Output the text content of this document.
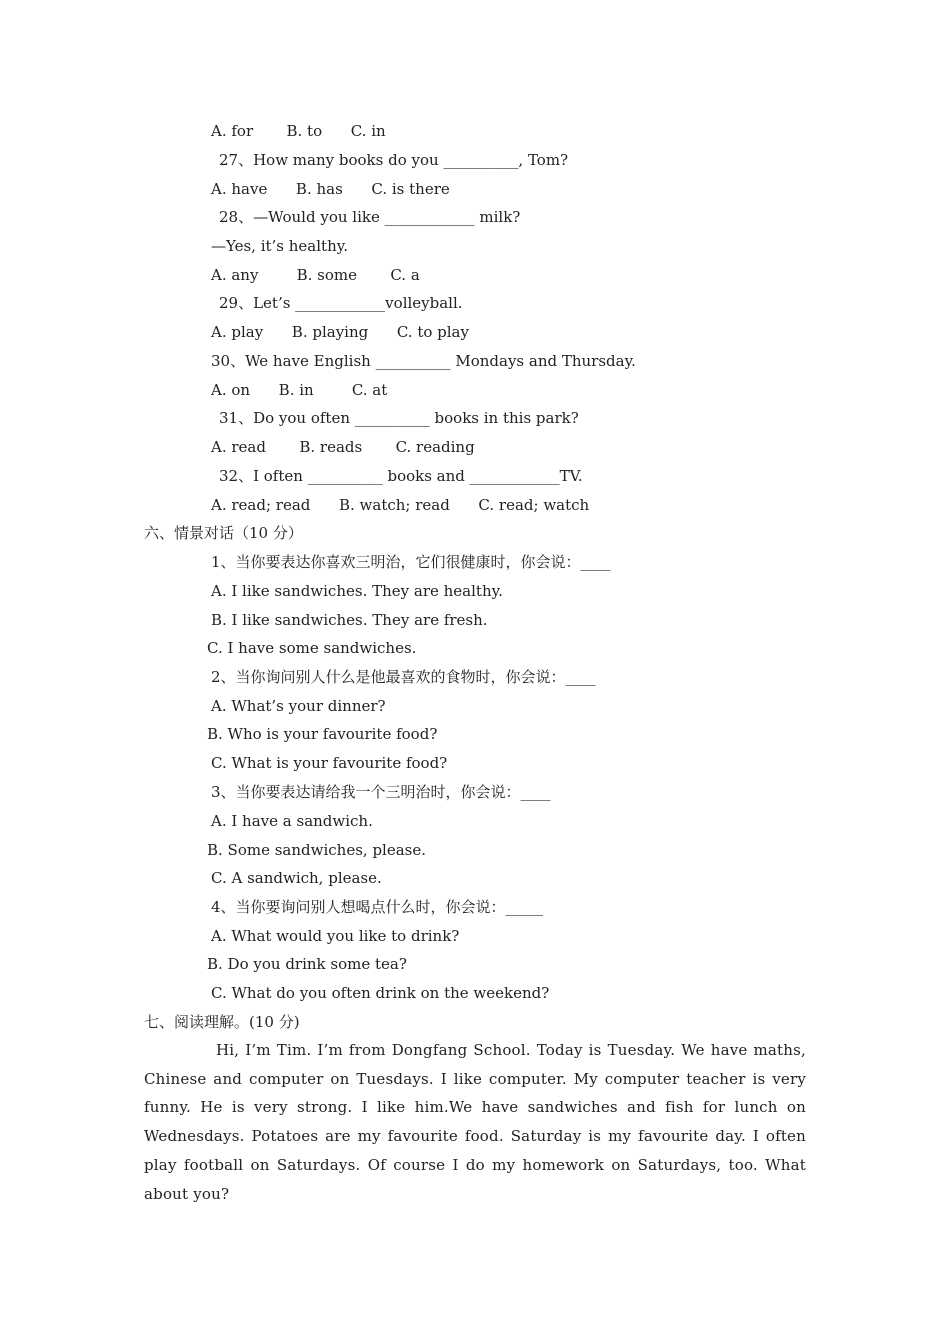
A. for       B. to      C. in
27、How many books do you __________, Tom?
A. have      B. has      C. is there
28、—Would you like ____________ milk?
—Yes, it’s healthy.
A. any        B. some       C. a
29、Let’s ____________volleyball.
A. play      B. playing      C. to play
30、We have English __________ Mondays and Thursday.
A. on      B. in        C. at
31、Do you often __________ books in this park?
A. read       B. reads       C. reading
32、I often __________ books and ____________TV.
A. read; read      B. watch; read      C. read; watch
六、情景对话（10 分）
1、当你要表达你喜欢三明治，它们很健康时，你会说：____
A. I like sandwiches. They are healthy.
B. I like sandwiches. They are fresh.
C. I have some sandwiches.
2、当你询问别人什么是他最喜欢的食物时，你会说：____
A. What’s your dinner?
B. Who is your favourite food?
C. What is your favourite food?
3、当你要表达请给我一个三明治时，你会说：____
A. I have a sandwich.
B. Some sandwiches, please.
C. A sandwich, please.
4、当你要询问别人想喝点什么时，你会说：_____
A. What would you like to drink?
B. Do you drink some tea?
C. What do you often drink on the weekend?
七、阅读理解。(10 分)
Hi, I’m Tim. I’m from Dongfang School. Today is Tuesday. We have maths, Chinese and computer on Tuesdays. I like computer. My computer teacher is very funny. He is very strong. I like him.We have sandwiches and fish for lunch on Wednesdays. Potatoes are my favourite food. Saturday is my favourite day. I often play football on Saturdays. Of course I do my homework on Saturdays, too. What about you?
